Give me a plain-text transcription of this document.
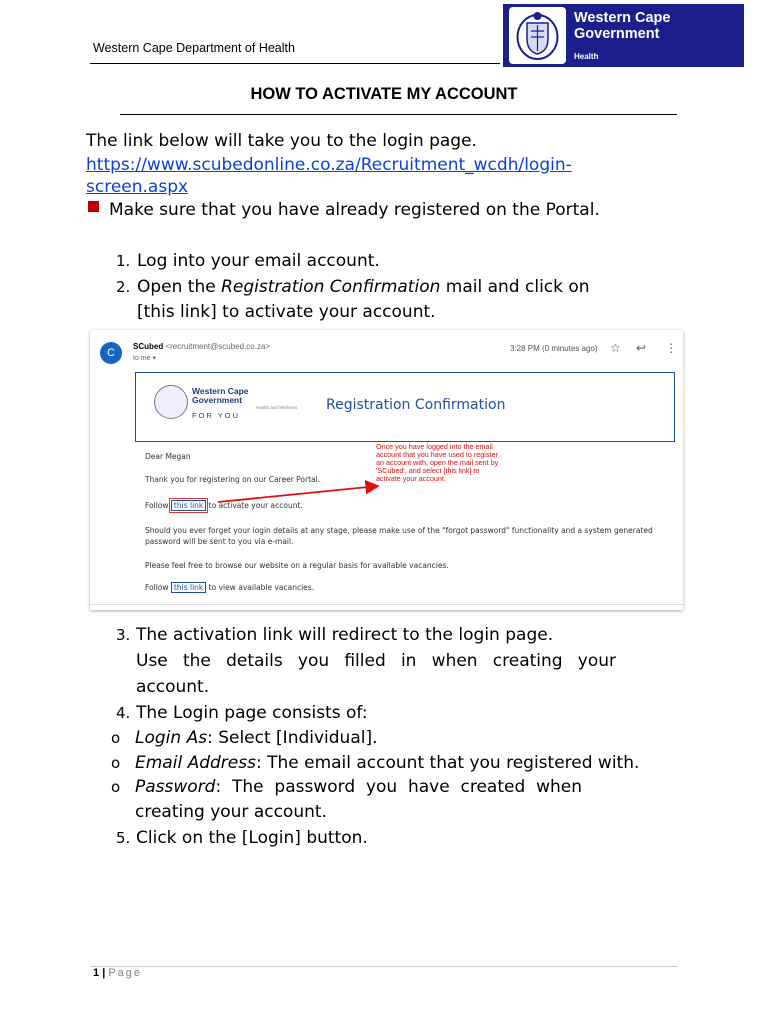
Western Cape Department of Health
Western Cape
Government
Health
HOW TO ACTIVATE MY ACCOUNT
The link below will take you to the login page.
https://www.scubedonline.co.za/Recruitment_wcdh/login-
screen.aspx
Make sure that you have already registered on the Portal.
1. Log into your email account.
2. Open the Registration Confirmation mail and click on
[this link] to activate your account.
C
SCubed <recruitment@scubed.co.za>
to me ▾
3:28 PM (0 minutes ago) ☆ ↩ ⋮
Western Cape
Government
FOR YOU
Health and Wellness Registration Confirmation
Dear Megan
Thank you for registering on our Career Portal.
Follow this link to activate your account.
Once you have logged into the email account that you have used to register an account with, open the mail sent by 'SCubed', and select [this link] to activate your account.
Should you ever forget your login details at any stage, please make use of the "forgot password" functionality and a system generated
password will be sent to you via e-mail.
Please feel free to browse our website on a regular basis for available vacancies.
Follow this link to view available vacancies.
3. The activation link will redirect to the login page.
Use the details you filled in when creating your
account.
4. The Login page consists of:
o Login As: Select [Individual].
o Email Address: The email account that you registered with.
o Password:  The  password  you  have  created  when
creating your account.
5. Click on the [Login] button.
1 | Page
